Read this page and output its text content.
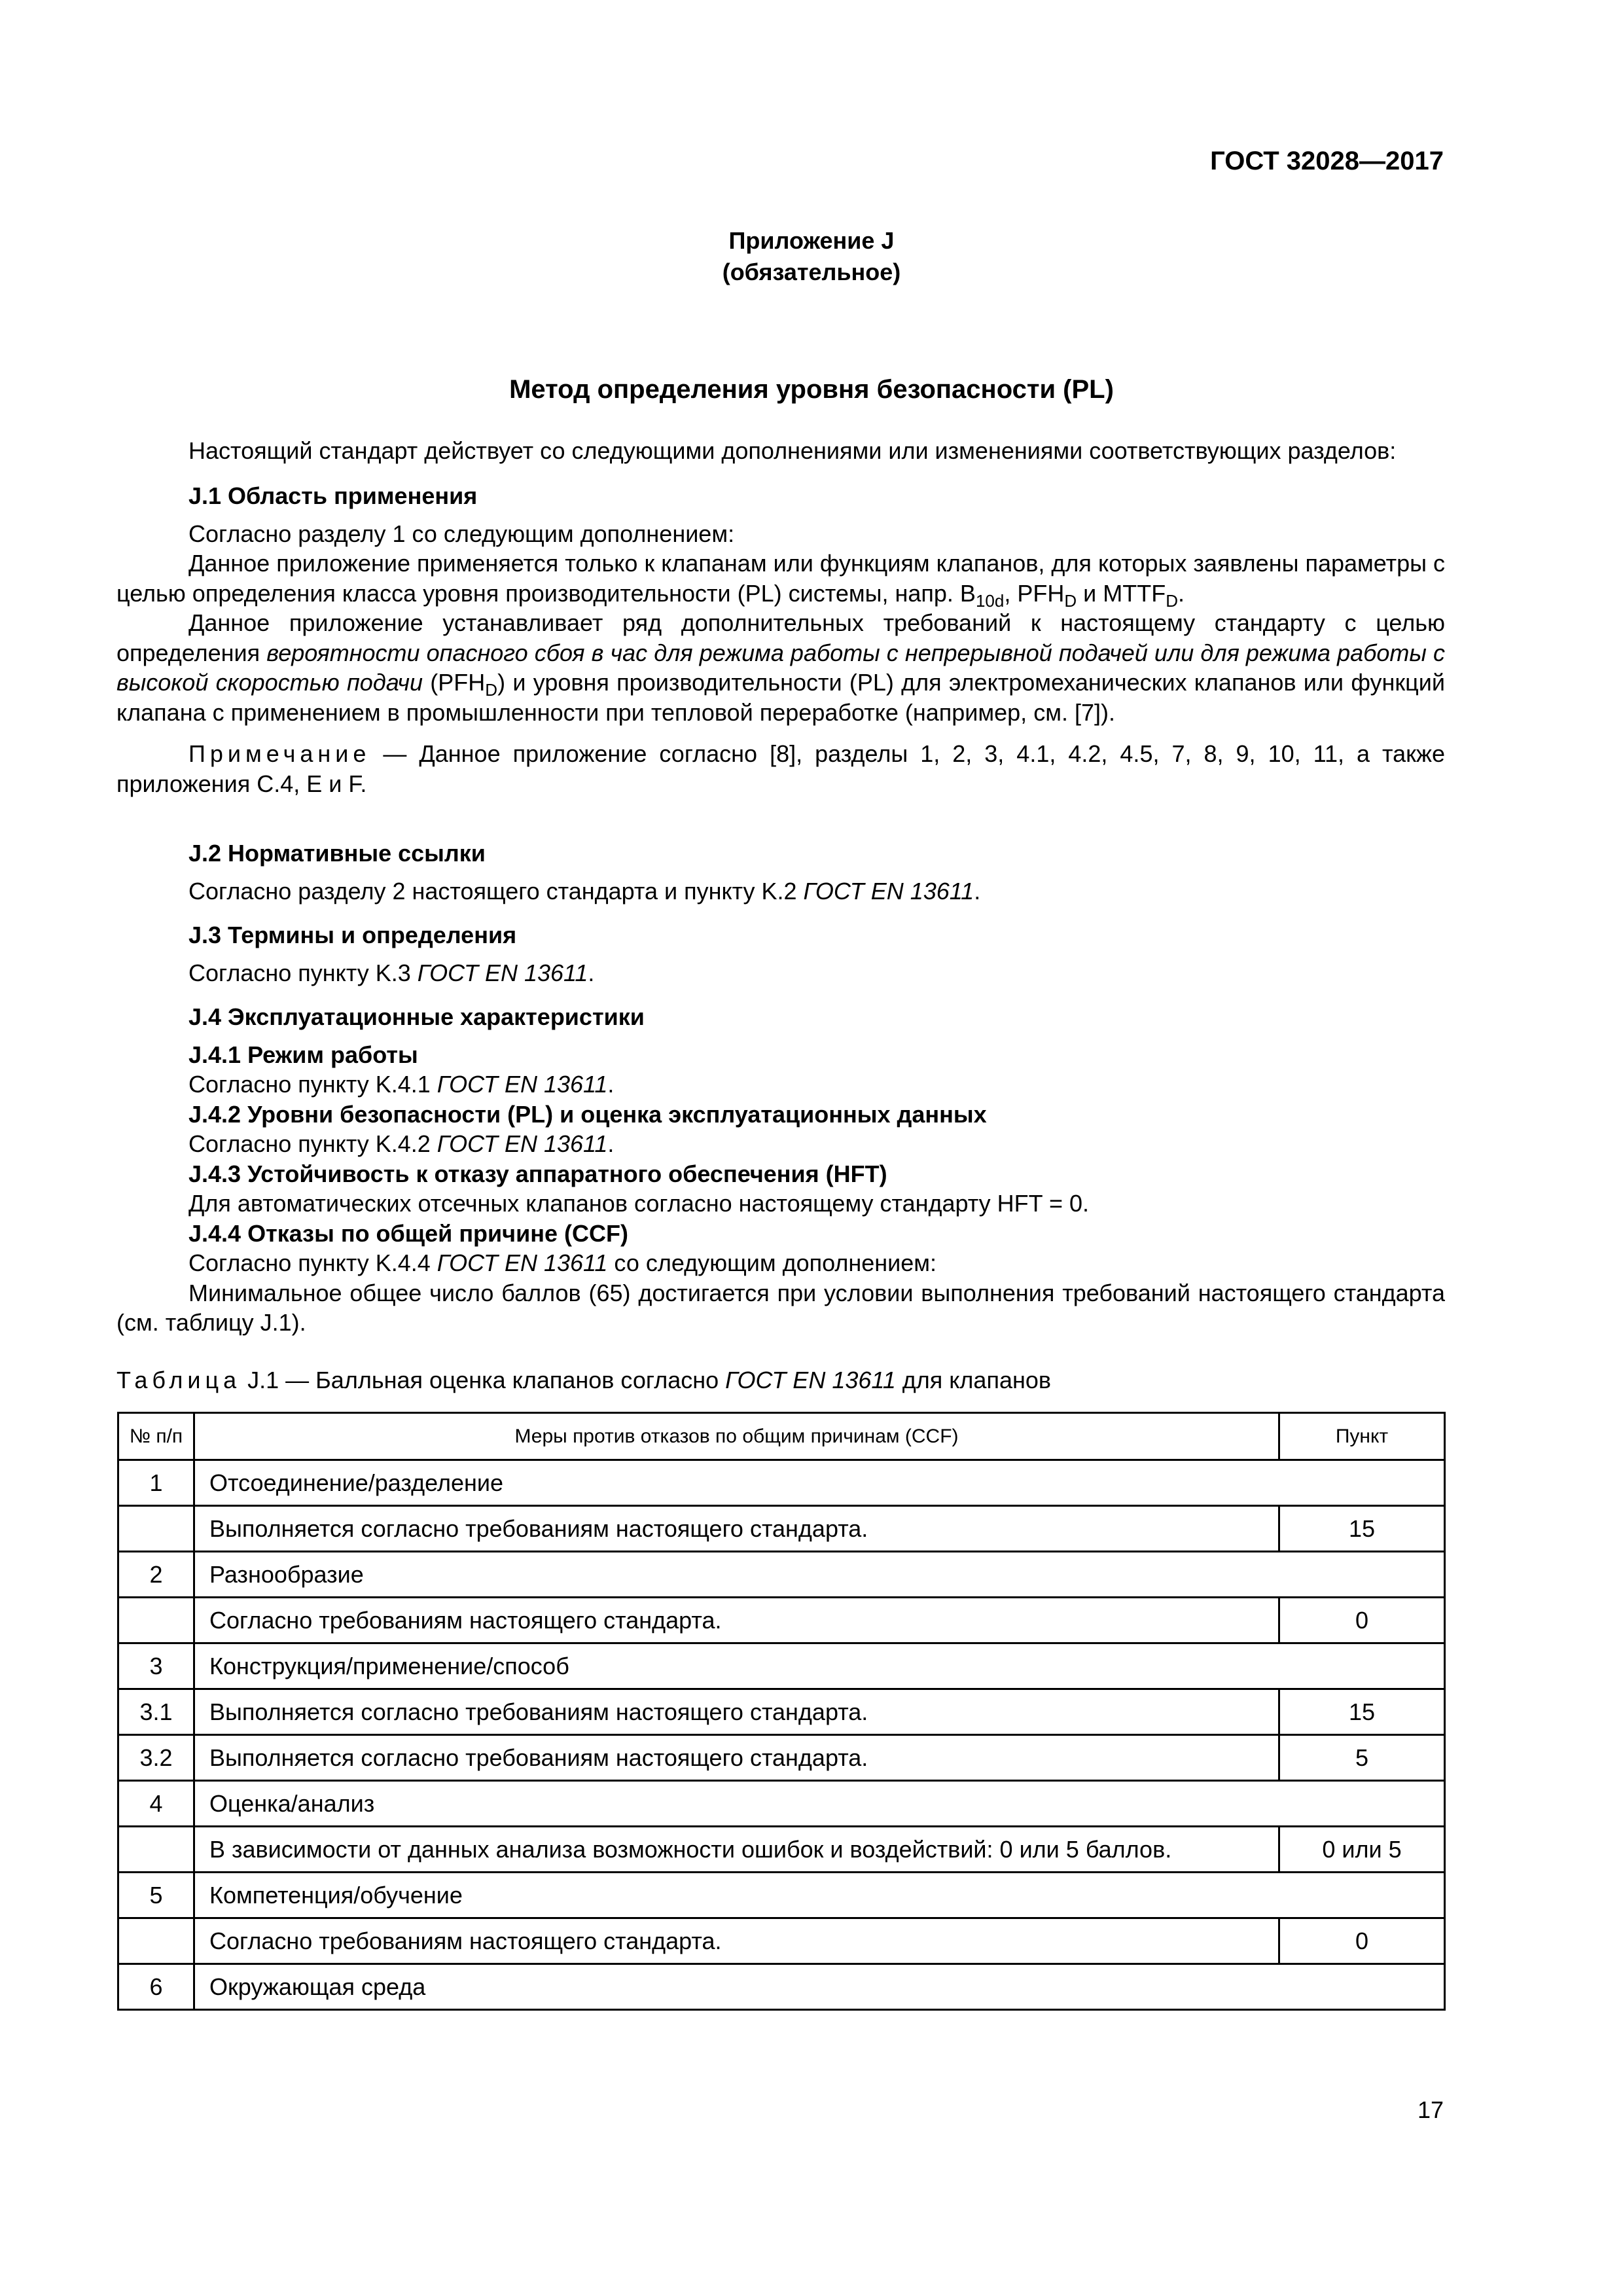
ГОСТ 32028—2017
Приложение J
(обязательное)
Метод определения уровня безопасности (PL)

Настоящий стандарт действует со следующими дополнениями или изменениями соответствующих разделов:

J.1 Область применения

Согласно разделу 1 со следующим дополнением:

Данное приложение применяется только к клапанам или функциям клапанов, для которых заявлены параметры с целью определения класса уровня производительности (PL) системы, напр. $B_{10d}$, $PFH_D$ и $MTTF_D$.

Данное приложение устанавливает ряд дополнительных требований к настоящему стандарту с целью определения вероятности опасного сбоя в час для режима работы с непрерывной подачей или для режима работы с высокой скоростью подачи $(PFH_D)$ и уровня производительности (PL) для электромеханических клапанов или функций клапана с применением в промышленности при тепловой переработке (например, см. [7]).

Примечание — Данное приложение согласно [8], разделы 1, 2, 3, 4.1, 4.2, 4.5, 7, 8, 9, 10, 11, а также приложения С.4, Е и F.

J.2 Нормативные ссылки

Согласно разделу 2 настоящего стандарта и пункту K.2 ГОСТ EN 13611.

J.3 Термины и определения

Согласно пункту K.3 ГОСТ EN 13611.

J.4 Эксплуатационные характеристики

J.4.1 Режим работы

Согласно пункту K.4.1 ГОСТ EN 13611.

J.4.2 Уровни безопасности (PL) и оценка эксплуатационных данных

Согласно пункту K.4.2 ГОСТ EN 13611.

J.4.3 Устойчивость к отказу аппаратного обеспечения (HFT)

Для автоматических отсечных клапанов согласно настоящему стандарту HFT = 0.

J.4.4 Отказы по общей причине (CCF)

Согласно пункту K.4.4 ГОСТ EN 13611 со следующим дополнением:

Минимальное общее число баллов (65) достигается при условии выполнения требований настоящего стандарта (см. таблицу J.1).

Таблица J.1 — Балльная оценка клапанов согласно ГОСТ EN 13611 для клапанов
№ п/п	Меры против отказов по общим причинам (CCF)	Пункт
1	Отсоединение/разделение	
	Выполняется согласно требованиям настоящего стандарта.	15
2	Разнообразие	
	Согласно требованиям настоящего стандарта.	0
3	Конструкция/применение/способ	
3.1	Выполняется согласно требованиям настоящего стандарта.	15
3.2	Выполняется согласно требованиям настоящего стандарта.	5
4	Оценка/анализ	
	В зависимости от данных анализа возможности ошибок и воздействий: 0 или 5 баллов.	0 или 5
5	Компетенция/обучение	
	Согласно требованиям настоящего стандарта.	0
6	Окружающая среда	
17
